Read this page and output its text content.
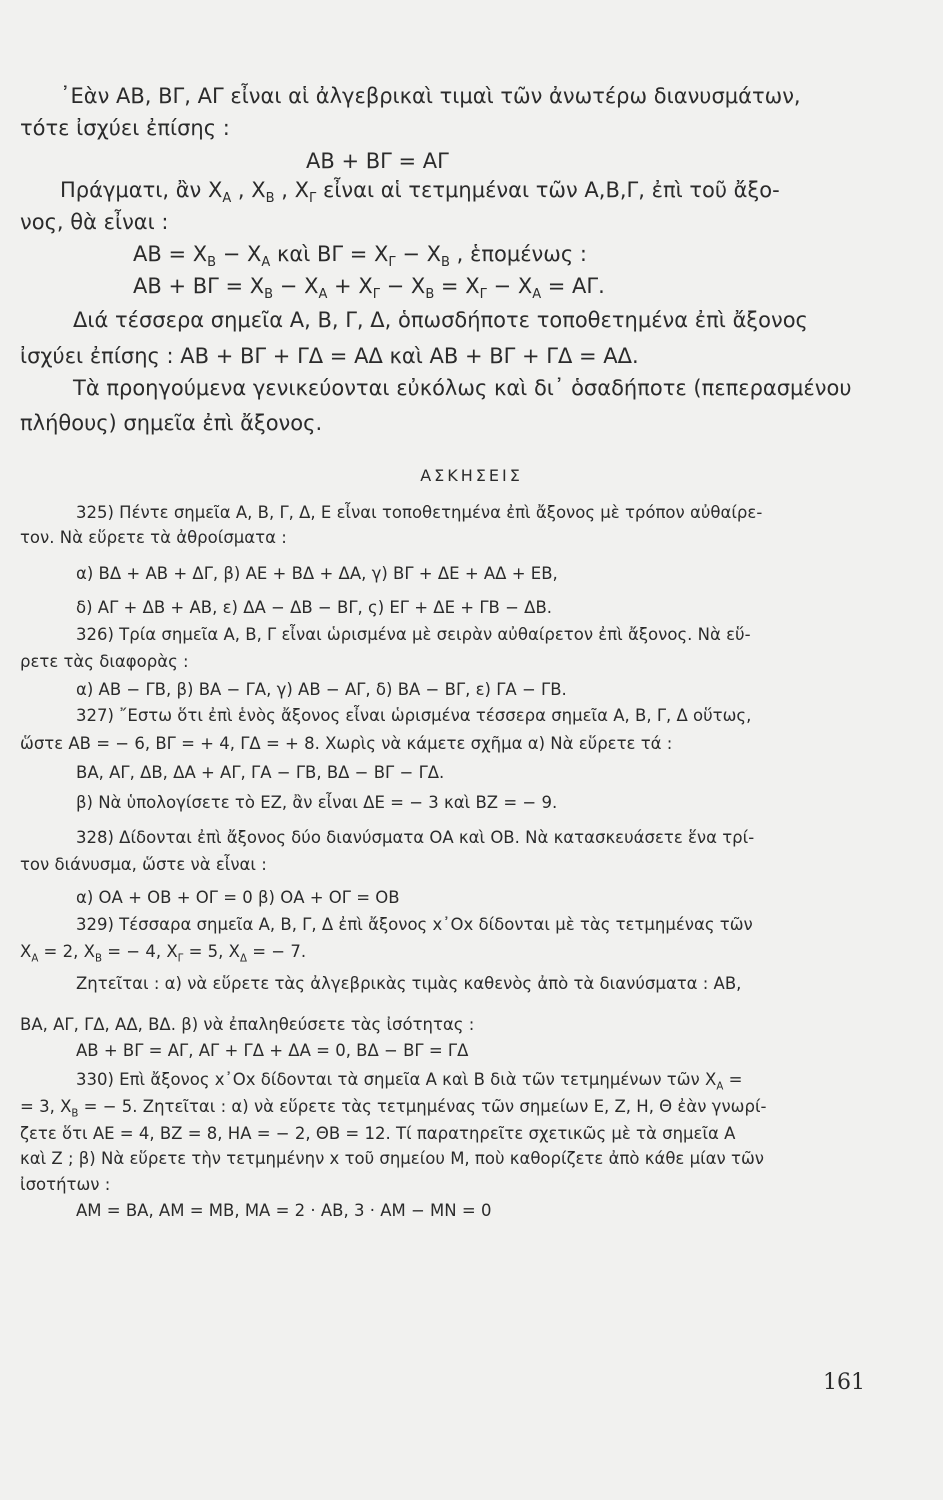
᾽Εὰν ΑΒ, ΒΓ, ΑΓ εἶναι αἱ ἀλγεβρικαὶ τιμαὶ τῶν ἀνωτέρω διανυσμάτων,
τότε ἰσχύει ἐπίσης :
ΑΒ + ΒΓ = ΑΓ
Πράγματι, ἂν $X_A$ , $X_B$ , $X_\Gamma$ εἶναι αἱ τετμημέναι τῶν Α,Β,Γ, ἐπὶ τοῦ ἄξο-
νος, θὰ εἶναι :
$AB = X_B - X_A$ καὶ $B\Gamma = X_\Gamma - X_B$ , ἑπομένως :
$AB + B\Gamma = X_B - X_A + X_\Gamma - X_B = X_\Gamma - X_A = A\Gamma$.
Διά τέσσερα σημεῖα Α, Β, Γ, Δ, ὁπωσδήποτε τοποθετημένα ἐπὶ ἄξονος
ἰσχύει ἐπίσης : ΑΒ + ΒΓ + ΓΔ = ΑΔ καὶ ΑΒ + ΒΓ + ΓΔ = ΑΔ.
Τὰ προηγούμενα γενικεύονται εὐκόλως καὶ δι᾽ ὁσαδήποτε (πεπερασμένου
πλήθους) σημεῖα ἐπὶ ἄξονος.
ΑΣΚΗΣΕΙΣ
325) Πέντε σημεῖα Α, Β, Γ, Δ, Ε εἶναι τοποθετημένα ἐπὶ ἄξονος μὲ τρόπον αὐθαίρε-
τον. Νὰ εὕρετε τὰ ἀθροίσματα :
α) ΒΔ + ΑΒ + ΔΓ, β) ΑΕ + ΒΔ + ΔΑ, γ) ΒΓ + ΔΕ + ΑΔ + ΕΒ,
δ) ΑΓ + ΔΒ + ΑΒ, ε) ΔΑ − ΔΒ − ΒΓ, ς) ΕΓ + ΔΕ + ΓΒ − ΔΒ.
326) Τρία σημεῖα Α, Β, Γ εἶναι ὡρισμένα μὲ σειρὰν αὐθαίρετον ἐπὶ ἄξονος. Νὰ εὕ-
ρετε τὰς διαφορὰς :
α) ΑΒ − ΓΒ, β) ΒΑ − ΓΑ, γ) ΑΒ − ΑΓ, δ) ΒΑ − ΒΓ, ε) ΓΑ − ΓΒ.
327) ῎Εστω ὅτι ἐπὶ ἑνὸς ἄξονος εἶναι ὡρισμένα τέσσερα σημεῖα Α, Β, Γ, Δ οὕτως,
ὥστε ΑΒ = − 6, ΒΓ = + 4, ΓΔ = + 8. Χωρὶς νὰ κάμετε σχῆμα α) Νὰ εὕρετε τά :
ΒΑ, ΑΓ, ΔΒ, ΔΑ + ΑΓ, ΓΑ − ΓΒ, ΒΔ − ΒΓ − ΓΔ.
β) Νὰ ὑπολογίσετε τὸ ΕΖ, ἂν εἶναι ΔΕ = − 3 καὶ ΒΖ = − 9.
328) Δίδονται ἐπὶ ἄξονος δύο διανύσματα ΟΑ καὶ ΟΒ. Νὰ κατασκευάσετε ἕνα τρί-
τον διάνυσμα, ὥστε νὰ εἶναι :
α) ΟΑ + ΟΒ + ΟΓ = 0 β) ΟΑ + ΟΓ = ΟΒ
329) Τέσσαρα σημεῖα Α, Β, Γ, Δ ἐπὶ ἄξονος x᾽Οx δίδονται μὲ τὰς τετμημένας τῶν
$X_A = 2$, $X_B$ = − 4, $X_\Gamma = 5$, $X_\Delta$ = − 7.
Ζητεῖται : α) νὰ εὕρετε τὰς ἀλγεβρικὰς τιμὰς καθενὸς ἀπὸ τὰ διανύσματα : ΑΒ,
ΒΑ, ΑΓ, ΓΔ, ΑΔ, ΒΔ. β) νὰ ἐπαληθεύσετε τὰς ἰσότητας :
ΑΒ + ΒΓ = ΑΓ, ΑΓ + ΓΔ + ΔΑ = 0, ΒΔ − ΒΓ = ΓΔ
330) Επὶ ἄξονος x᾽Οx δίδονται τὰ σημεῖα Α καὶ Β διὰ τῶν τετμημένων τῶν $X_A$ =
= 3, $X_B$ = − 5. Ζητεῖται : α) νὰ εὕρετε τὰς τετμημένας τῶν σημείων Ε, Ζ, Η, Θ ἐὰν γνωρί-
ζετε ὅτι ΑΕ = 4, ΒΖ = 8, ΗΑ = − 2, ΘΒ = 12. Τί παρατηρεῖτε σχετικῶς μὲ τὰ σημεῖα Α
καὶ Ζ ; β) Νὰ εὕρετε τὴν τετμημένην x τοῦ σημείου Μ, ποὺ καθορίζετε ἀπὸ κάθε μίαν τῶν
ἰσοτήτων :
ΑΜ = ΒΑ, ΑΜ = ΜΒ, ΜΑ = 2 · ΑΒ, 3 · ΑΜ − ΜΝ = 0
161
